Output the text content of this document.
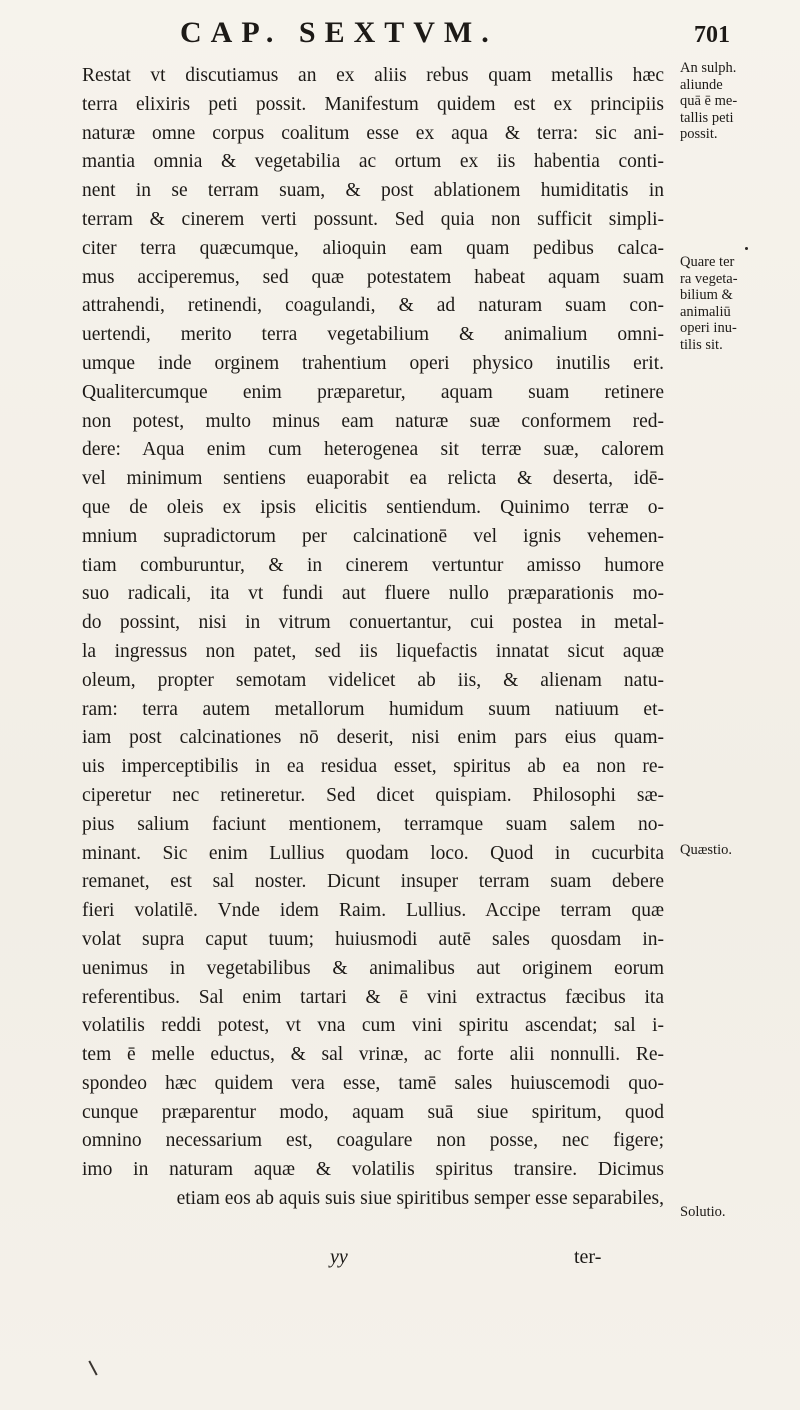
CAP. SEXTVM.	701
Restat vt discutiamus an ex aliis rebus quam metallis hæc
terra elixiris peti possit. Manifestum quidem est ex principiis
naturæ omne corpus coalitum esse ex aqua & terra: sic ani-
mantia omnia & vegetabilia ac ortum ex iis habentia conti-
nent in se terram suam, & post ablationem humiditatis in
terram & cinerem verti possunt. Sed quia non sufficit simpli-
citer terra quæcumque, alioquin eam quam pedibus calca-
mus acciperemus, sed quæ potestatem habeat aquam suam
attrahendi, retinendi, coagulandi, & ad naturam suam con-
uertendi, merito terra vegetabilium & animalium omni-
umque inde orginem trahentium operi physico inutilis erit.
Qualitercumque enim præparetur, aquam suam retinere
non potest, multo minus eam naturæ suæ conformem red-
dere: Aqua enim cum heterogenea sit terræ suæ, calorem
vel minimum sentiens euaporabit ea relicta & deserta, idē-
que de oleis ex ipsis elicitis sentiendum. Quinimo terræ o-
mnium supradictorum per calcinationē vel ignis vehemen-
tiam comburuntur, & in cinerem vertuntur amisso humore
suo radicali, ita vt fundi aut fluere nullo præparationis mo-
do possint, nisi in vitrum conuertantur, cui postea in metal-
la ingressus non patet, sed iis liquefactis innatat sicut aquæ
oleum, propter semotam videlicet ab iis, & alienam natu-
ram: terra autem metallorum humidum suum natiuum et-
iam post calcinationes nō deserit, nisi enim pars eius quam-
uis imperceptibilis in ea residua esset, spiritus ab ea non re-
ciperetur nec retineretur. Sed dicet quispiam. Philosophi sæ-
pius salium faciunt mentionem, terramque suam salem no-
minant. Sic enim Lullius quodam loco. Quod in cucurbita
remanet, est sal noster. Dicunt insuper terram suam debere
fieri volatilē. Vnde idem Raim. Lullius. Accipe terram quæ
volat supra caput tuum; huiusmodi autē sales quosdam in-
uenimus in vegetabilibus & animalibus aut originem eorum
referentibus. Sal enim tartari & ē vini extractus fæcibus ita
volatilis reddi potest, vt vna cum vini spiritu ascendat; sal i-
tem ē melle eductus, & sal vrinæ, ac forte alii nonnulli. Re-
spondeo hæc quidem vera esse, tamē sales huiuscemodi quo-
cunque præparentur modo, aquam suā siue spiritum, quod
omnino necessarium est, coagulare non posse, nec figere;
imo in naturam aquæ & volatilis spiritus transire. Dicimus
etiam eos ab aquis suis siue spiritibus semper esse separabiles,
An sulph.
aliunde
quā ē me-
tallis peti
possit.
Quare ter
ra vegeta-
bilium &
animaliū
operi inu-
tilis sit.
Quæstio.
Solutio.
yy	ter-
